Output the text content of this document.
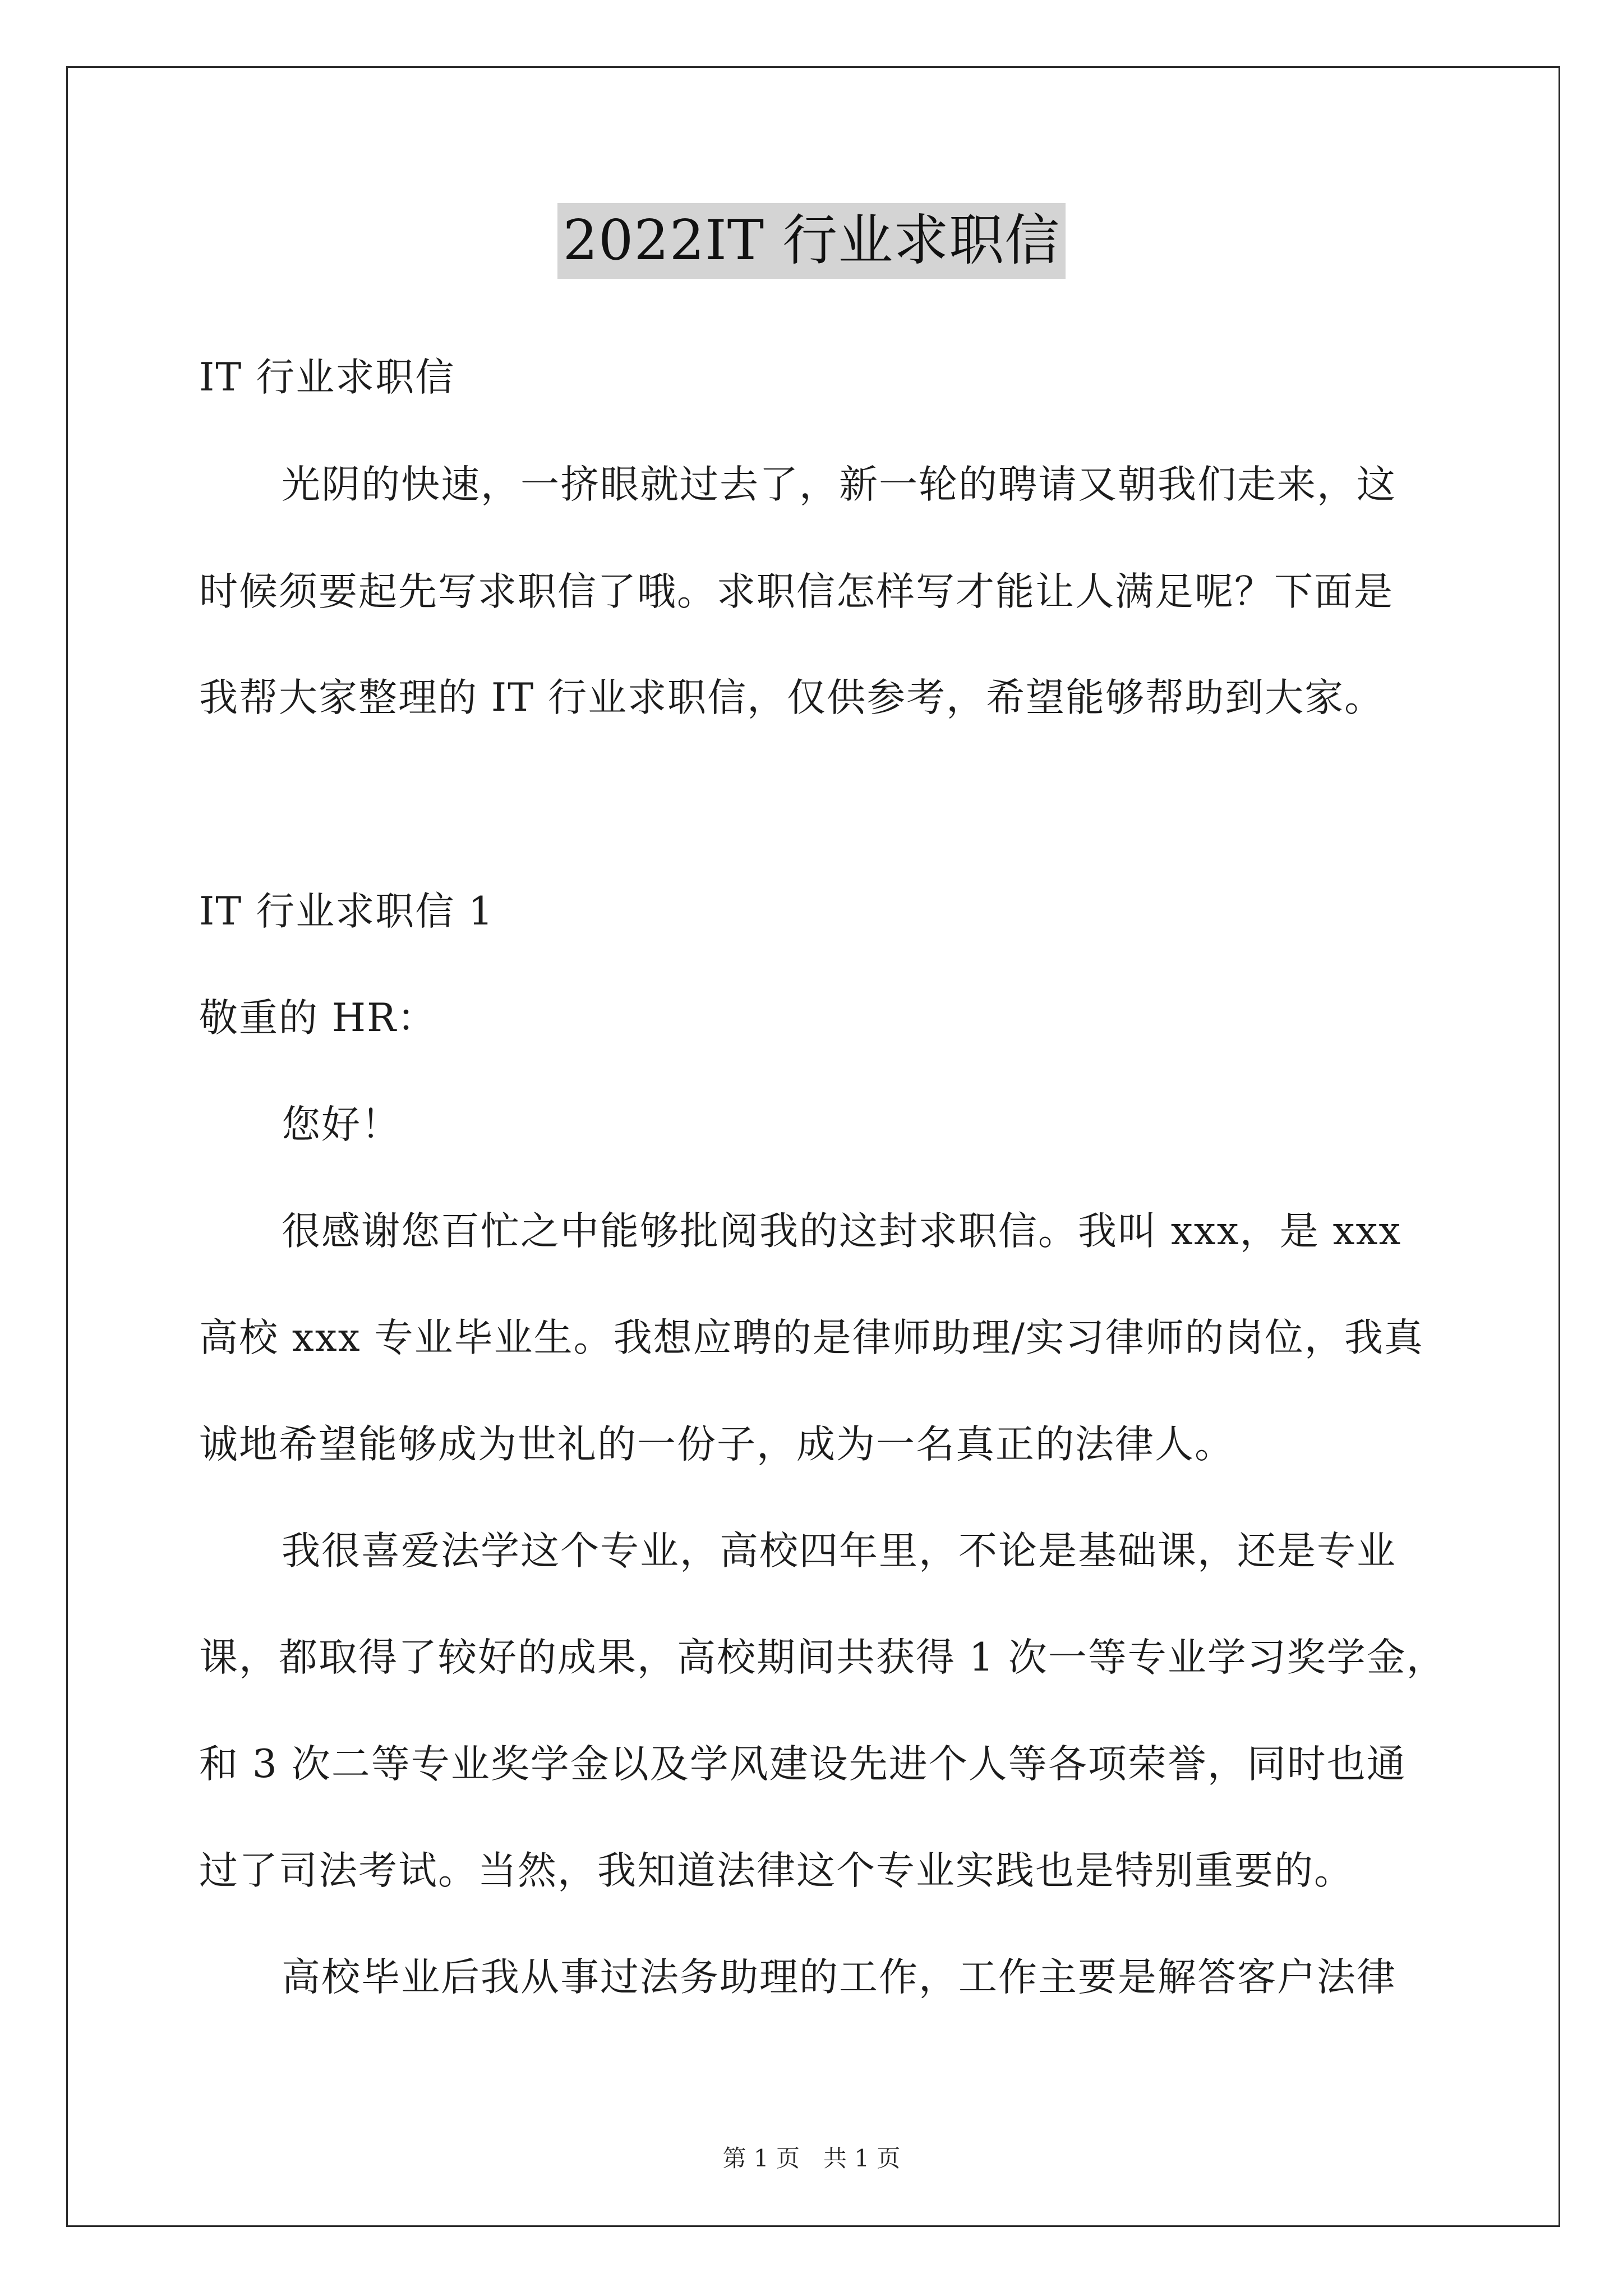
2022IT 行业求职信
IT 行业求职信
光阴的快速，一挤眼就过去了，新一轮的聘请又朝我们走来，这
时候须要起先写求职信了哦。求职信怎样写才能让人满足呢？下面是
我帮大家整理的 IT 行业求职信，仅供参考，希望能够帮助到大家。
IT 行业求职信 1
敬重的 HR：
您好！
很感谢您百忙之中能够批阅我的这封求职信。我叫 xxx，是 xxx
高校 xxx 专业毕业生。我想应聘的是律师助理/实习律师的岗位，我真
诚地希望能够成为世礼的一份子，成为一名真正的法律人。
我很喜爱法学这个专业，高校四年里，不论是基础课，还是专业
课，都取得了较好的成果，高校期间共获得 1 次一等专业学习奖学金，
和 3 次二等专业奖学金以及学风建设先进个人等各项荣誉，同时也通
过了司法考试。当然，我知道法律这个专业实践也是特别重要的。
高校毕业后我从事过法务助理的工作，工作主要是解答客户法律
第 1 页　共 1 页
